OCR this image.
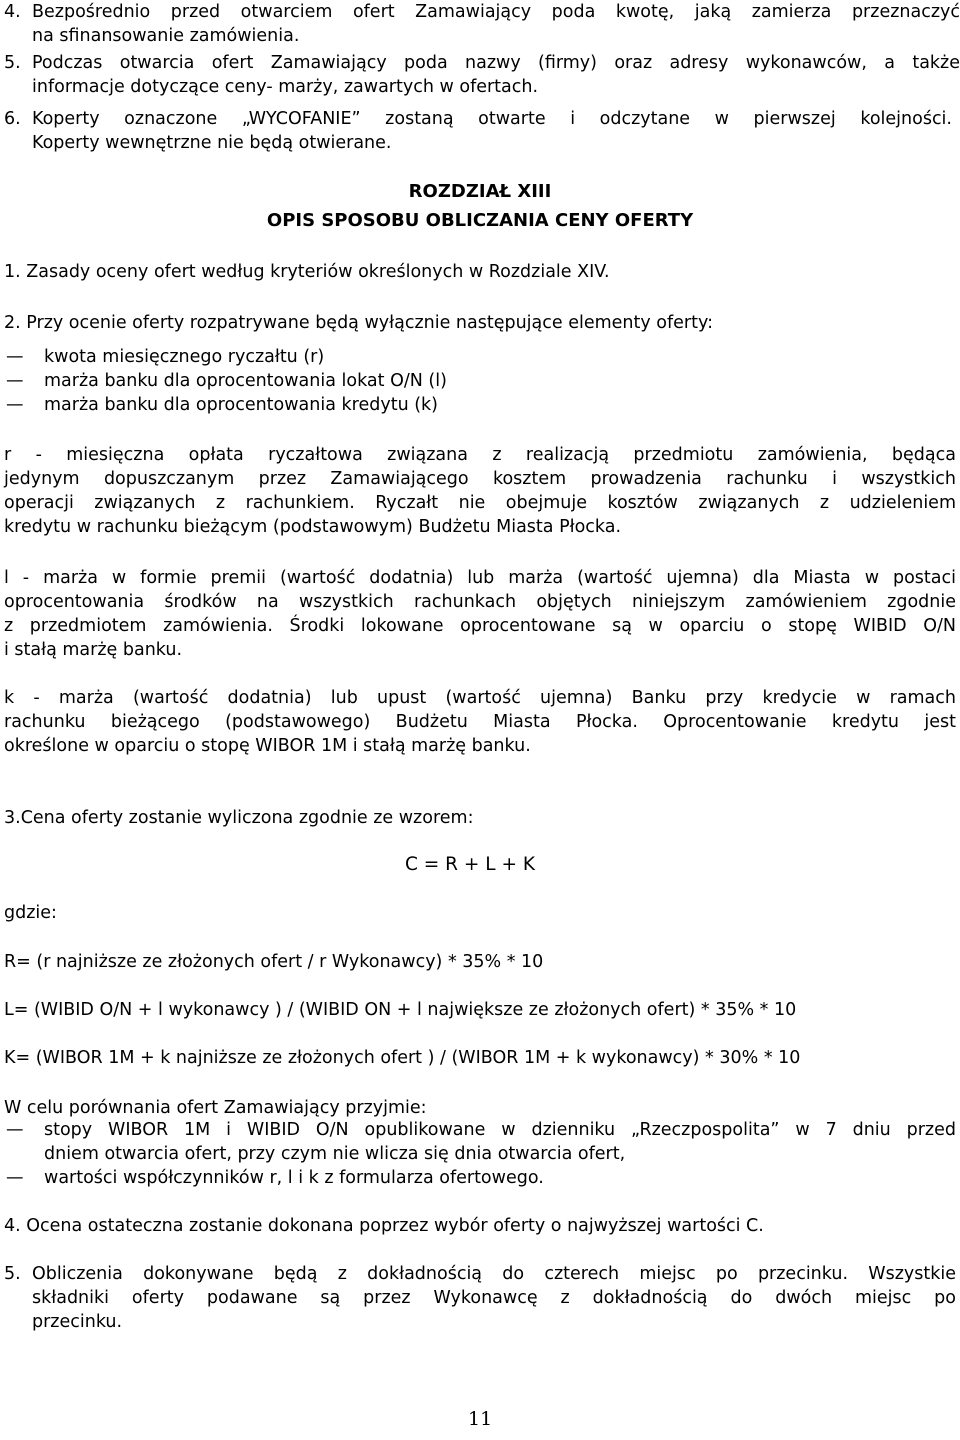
4. Bezpośrednio przed otwarciem ofert Zamawiający poda kwotę, jaką zamierza przeznaczyć
na sfinansowanie zamówienia.
5. Podczas otwarcia ofert Zamawiający poda nazwy (firmy) oraz adresy wykonawców, a także
informacje dotyczące ceny- marży, zawartych w ofertach.
6. Koperty oznaczone „WYCOFANIE” zostaną otwarte i odczytane w pierwszej kolejności.
Koperty wewnętrzne nie będą otwierane.
ROZDZIAŁ XIII
OPIS SPOSOBU OBLICZANIA CENY OFERTY
1. Zasady oceny ofert według kryteriów określonych w Rozdziale XIV.
2. Przy ocenie oferty rozpatrywane będą wyłącznie następujące elementy oferty:
— kwota miesięcznego ryczałtu (r)
— marża banku dla oprocentowania lokat O/N (l)
— marża banku dla oprocentowania kredytu (k)
r - miesięczna opłata ryczałtowa związana z realizacją przedmiotu zamówienia, będąca
jedynym dopuszczanym przez Zamawiającego kosztem prowadzenia rachunku i wszystkich
operacji związanych z rachunkiem. Ryczałt nie obejmuje kosztów związanych z udzieleniem
kredytu w rachunku bieżącym (podstawowym) Budżetu Miasta Płocka.
l - marża w formie premii (wartość dodatnia) lub marża (wartość ujemna) dla Miasta w postaci
oprocentowania środków na wszystkich rachunkach objętych niniejszym zamówieniem zgodnie
z przedmiotem zamówienia. Środki lokowane oprocentowane są w oparciu o stopę WIBID O/N
i stałą marżę banku.
k - marża (wartość dodatnia) lub upust (wartość ujemna) Banku przy kredycie w ramach
rachunku bieżącego (podstawowego) Budżetu Miasta Płocka. Oprocentowanie kredytu jest
określone w oparciu o stopę WIBOR 1M i stałą marżę banku.
3.Cena oferty zostanie wyliczona zgodnie ze wzorem:
C = R + L + K
gdzie:
R= (r najniższe ze złożonych ofert / r Wykonawcy) * 35% * 10
L= (WIBID O/N + l wykonawcy ) / (WIBID ON + l największe ze złożonych ofert) * 35% * 10
K= (WIBOR 1M + k najniższe ze złożonych ofert ) / (WIBOR 1M + k wykonawcy) * 30% * 10
W celu porównania ofert Zamawiający przyjmie:
— stopy WIBOR 1M i WIBID O/N opublikowane w dzienniku „Rzeczpospolita” w 7 dniu przed
dniem otwarcia ofert, przy czym nie wlicza się dnia otwarcia ofert,
— wartości współczynników r, l i k z formularza ofertowego.
4. Ocena ostateczna zostanie dokonana poprzez wybór oferty o najwyższej wartości C.
5. Obliczenia dokonywane będą z dokładnością do czterech miejsc po przecinku. Wszystkie
składniki oferty podawane są przez Wykonawcę z dokładnością do dwóch miejsc po
przecinku.
11
